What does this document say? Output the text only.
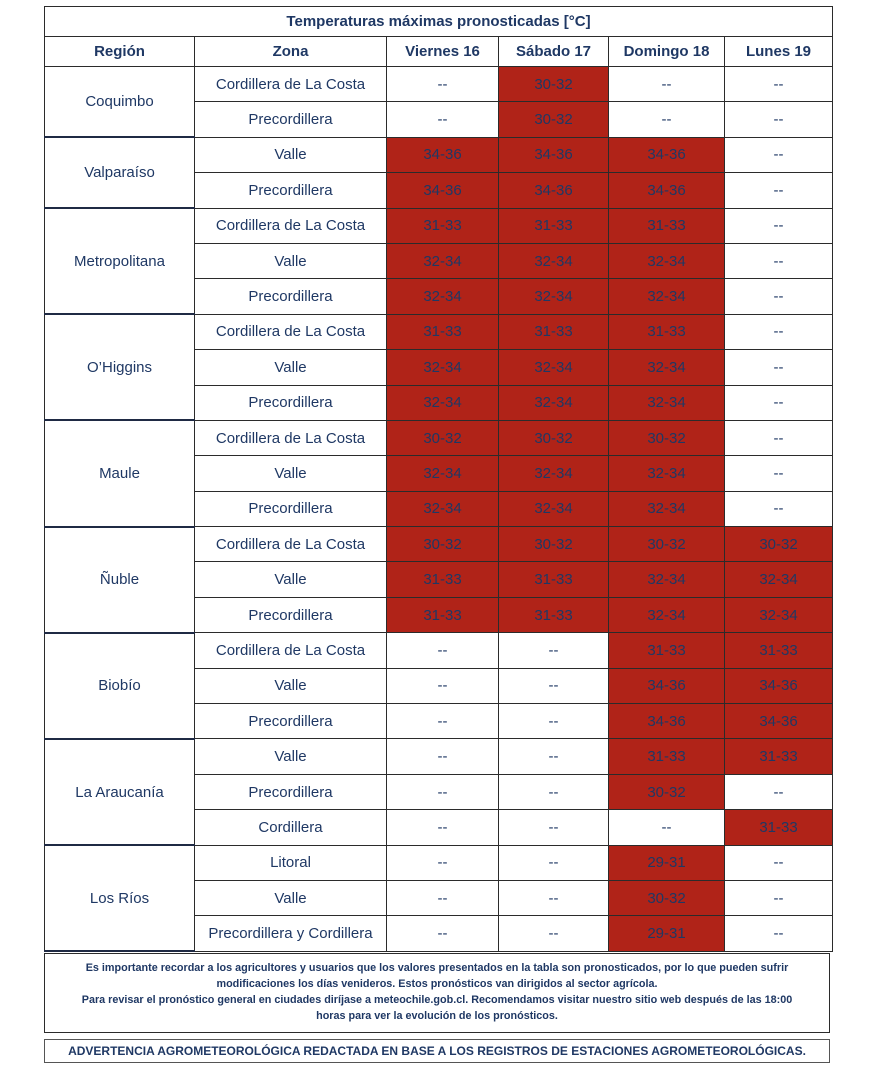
Temperaturas máximas pronosticadas [°C]					
Región	Zona	Viernes 16	Sábado 17	Domingo 18	Lunes 19
Coquimbo	Cordillera de La Costa	--	30-32	--	--
	Precordillera	--	30-32	--	--
Valparaíso	Valle	34-36	34-36	34-36	--
	Precordillera	34-36	34-36	34-36	--
Metropolitana	Cordillera de La Costa	31-33	31-33	31-33	--
	Valle	32-34	32-34	32-34	--
	Precordillera	32-34	32-34	32-34	--
O’Higgins	Cordillera de La Costa	31-33	31-33	31-33	--
	Valle	32-34	32-34	32-34	--
	Precordillera	32-34	32-34	32-34	--
Maule	Cordillera de La Costa	30-32	30-32	30-32	--
	Valle	32-34	32-34	32-34	--
	Precordillera	32-34	32-34	32-34	--
Ñuble	Cordillera de La Costa	30-32	30-32	30-32	30-32
	Valle	31-33	31-33	32-34	32-34
	Precordillera	31-33	31-33	32-34	32-34
Biobío	Cordillera de La Costa	--	--	31-33	31-33
	Valle	--	--	34-36	34-36
	Precordillera	--	--	34-36	34-36
La Araucanía	Valle	--	--	31-33	31-33
	Precordillera	--	--	30-32	--
	Cordillera	--	--	--	31-33
Los Ríos	Litoral	--	--	29-31	--
	Valle	--	--	30-32	--
	Precordillera y Cordillera	--	--	29-31	--

Es importante recordar a los agricultores y usuarios que los valores presentados en la tabla son pronosticados, por lo que pueden sufrir

modificaciones los días venideros. Estos pronósticos van dirigidos al sector agrícola.

Para revisar el pronóstico general en ciudades diríjase a meteochile.gob.cl. Recomendamos visitar nuestro sitio web después de las 18:00

horas para ver la evolución de los pronósticos.

ADVERTENCIA AGROMETEOROLÓGICA REDACTADA EN BASE A LOS REGISTROS DE ESTACIONES AGROMETEOROLÓGICAS.
